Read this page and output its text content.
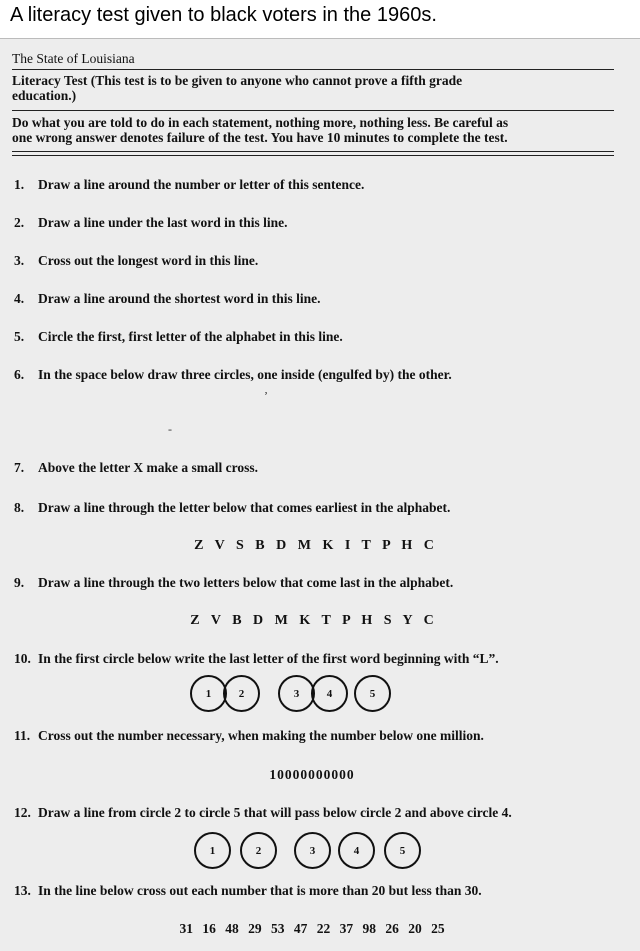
A literacy test given to black voters in the 1960s.
The State of Louisiana
Literacy Test (This test is to be given to anyone who cannot prove a fifth grade
education.)
Do what you are told to do in each statement, nothing more, nothing less. Be careful as
one wrong answer denotes failure of the test. You have 10 minutes to complete the test.
1. Draw a line around the number or letter of this sentence.
2. Draw a line under the last word in this line.
3. Cross out the longest word in this line.
4. Draw a line around the shortest word in this line.
5. Circle the first, first letter of the alphabet in this line.
6. In the space below draw three circles, one inside (engulfed by) the other.
ʼ
-
7. Above the letter X make a small cross.
8. Draw a line through the letter below that comes earliest in the alphabet.
Z V S B D M K I T P H C
9. Draw a line through the two letters below that come last in the alphabet.
Z V B D M K T P H S Y C
10. In the first circle below write the last letter of the first word beginning with “L”.
1	2	3	4	5
11. Cross out the number necessary, when making the number below one million.
10000000000
12. Draw a line from circle 2 to circle 5 that will pass below circle 2 and above circle 4.
1	2	3	4	5
13. In the line below cross out each number that is more than 20 but less than 30.
31 16 48 29 53 47 22 37 98 26 20 25
